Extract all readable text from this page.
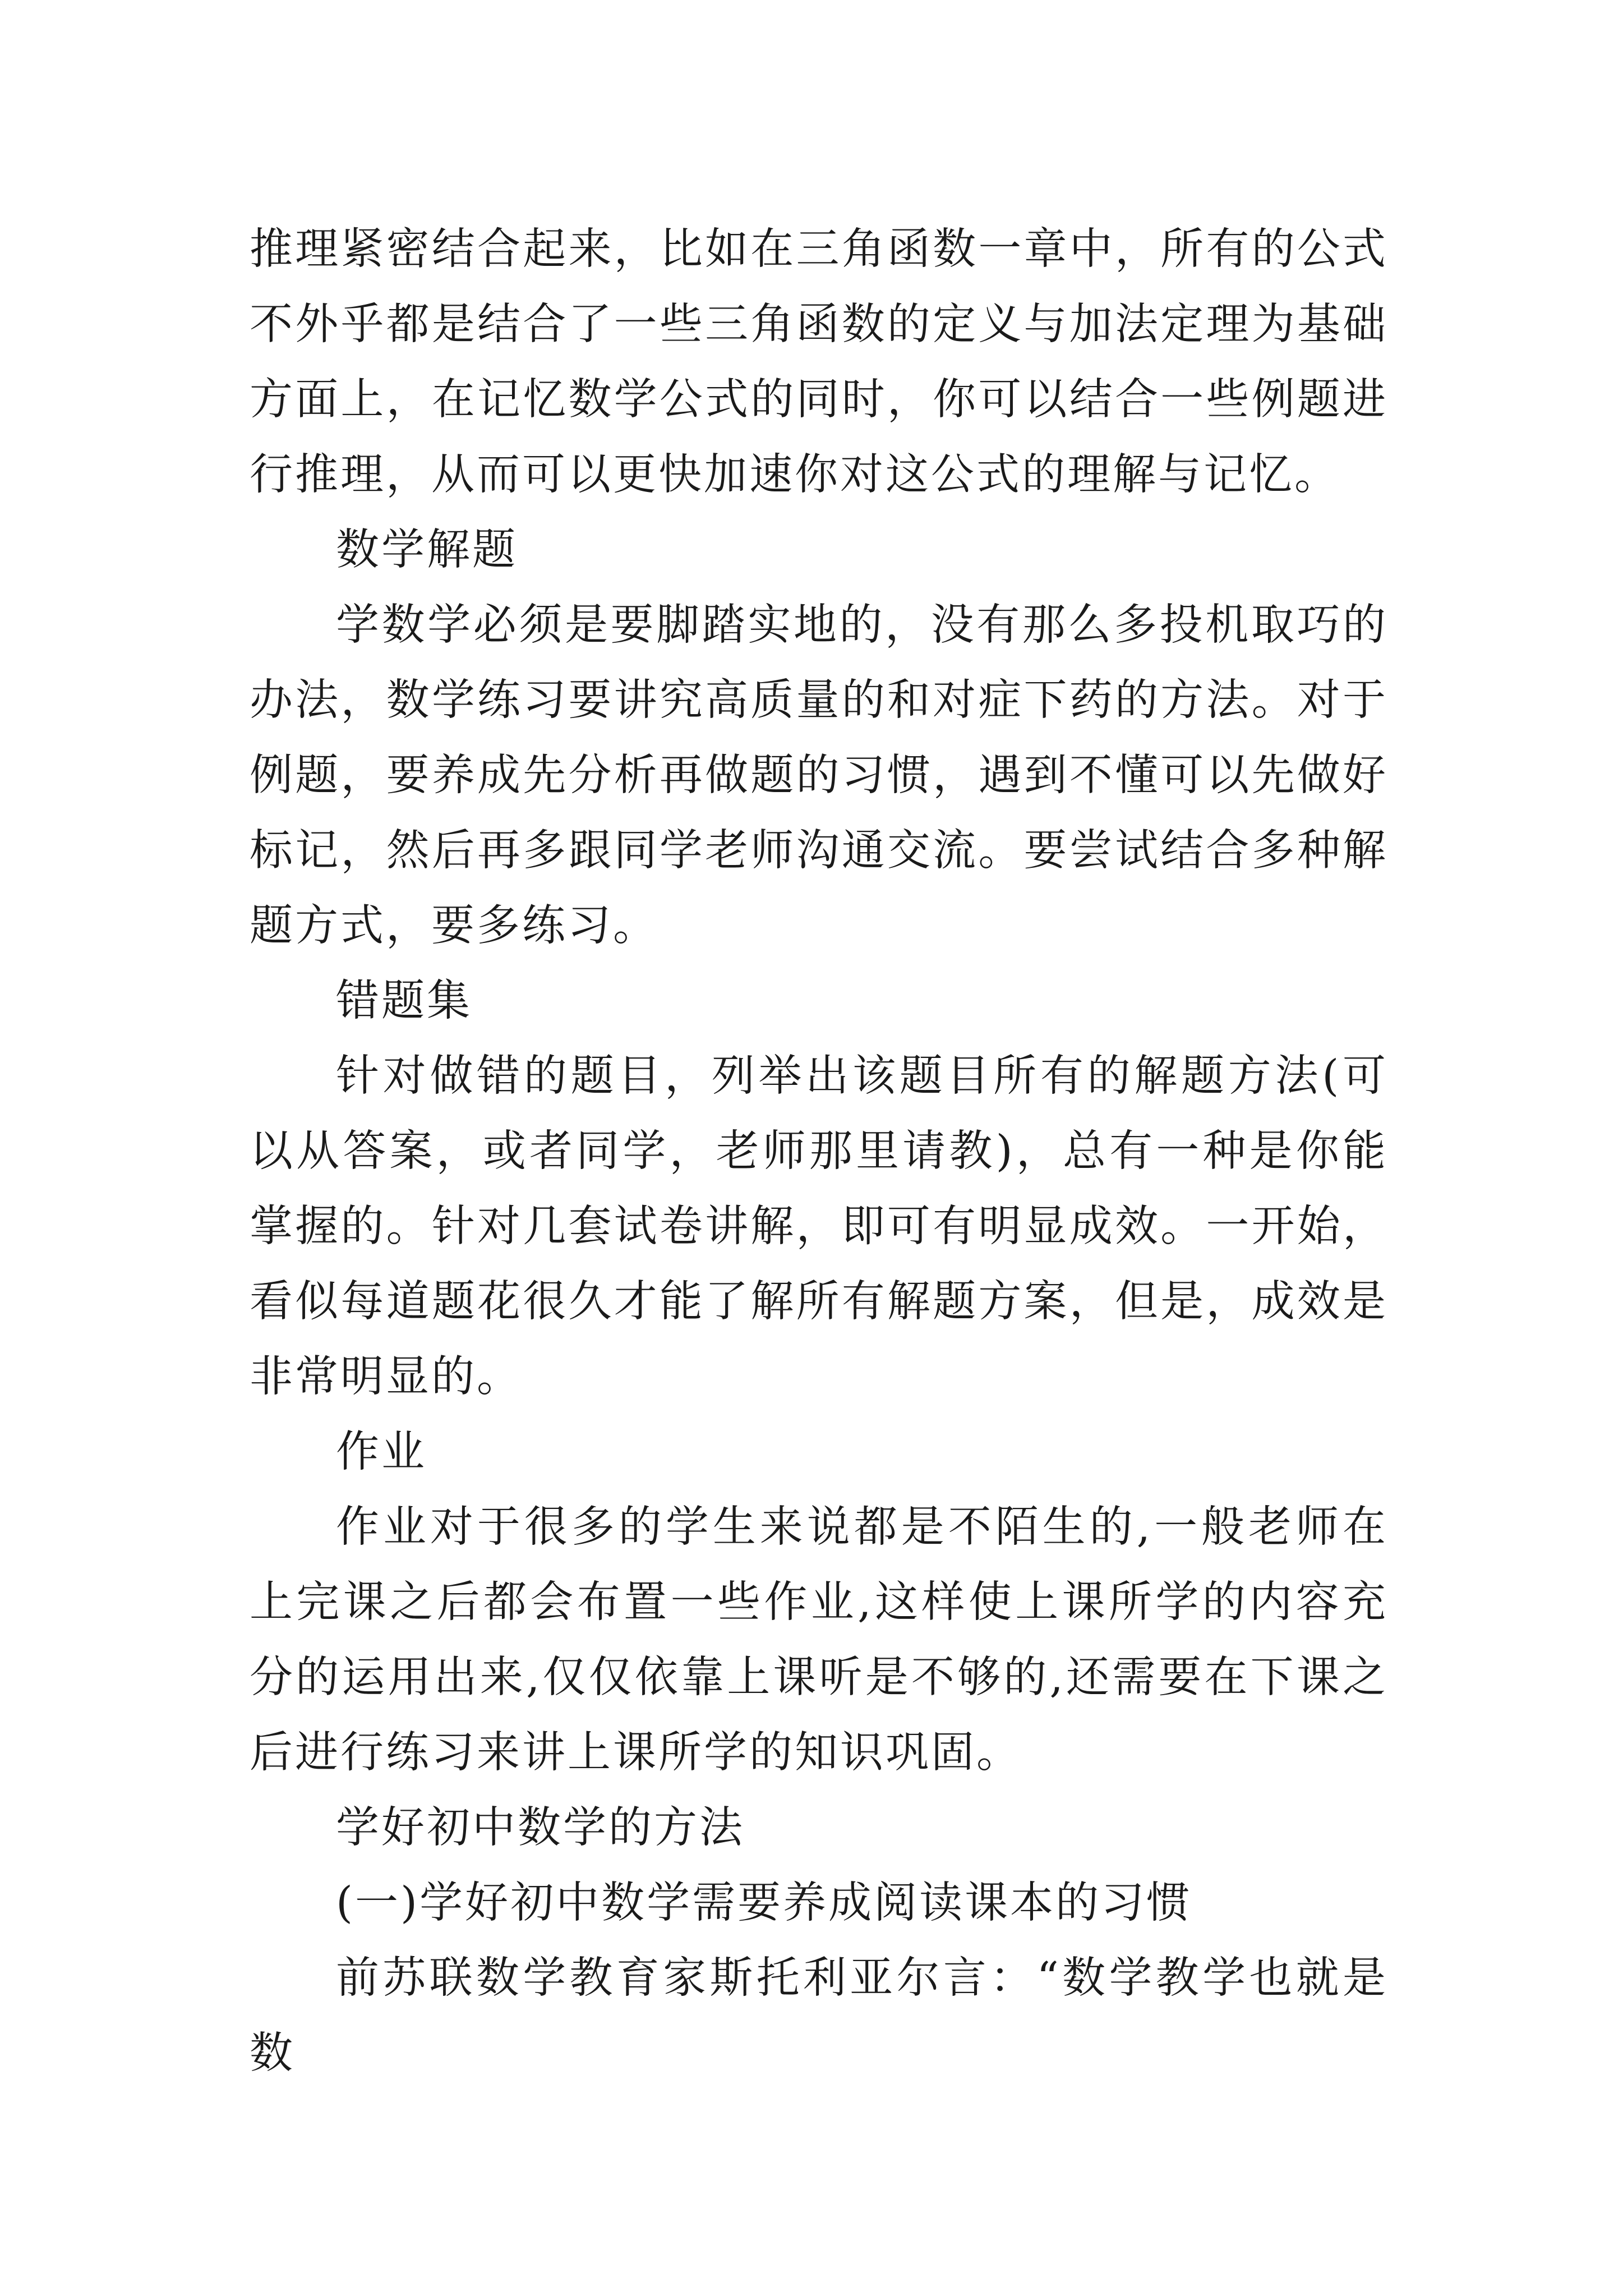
推理紧密结合起来，比如在三角函数一章中，所有的公式不外乎都是结合了一些三角函数的定义与加法定理为基础方面上，在记忆数学公式的同时，你可以结合一些例题进行推理，从而可以更快加速你对这公式的理解与记忆。

数学解题

学数学必须是要脚踏实地的，没有那么多投机取巧的办法，数学练习要讲究高质量的和对症下药的方法。对于例题，要养成先分析再做题的习惯，遇到不懂可以先做好标记，然后再多跟同学老师沟通交流。要尝试结合多种解题方式，要多练习。

错题集

针对做错的题目，列举出该题目所有的解题方法(可以从答案，或者同学，老师那里请教)，总有一种是你能掌握的。针对几套试卷讲解，即可有明显成效。一开始，看似每道题花很久才能了解所有解题方案，但是，成效是非常明显的。

作业

作业对于很多的学生来说都是不陌生的,一般老师在上完课之后都会布置一些作业,这样使上课所学的内容充分的运用出来,仅仅依靠上课听是不够的,还需要在下课之后进行练习来讲上课所学的知识巩固。

学好初中数学的方法

(一)学好初中数学需要养成阅读课本的习惯

前苏联数学教育家斯托利亚尔言：“数学教学也就是数
